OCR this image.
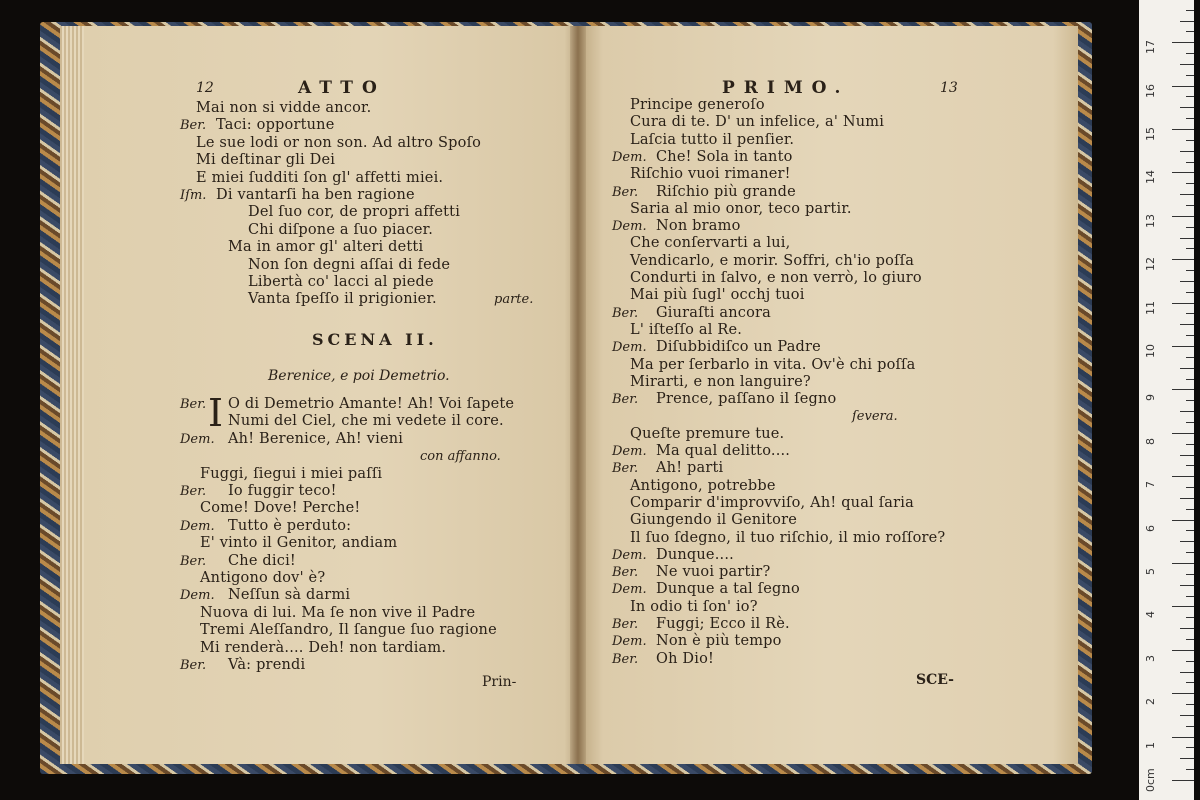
12	ATTO	PRIMO.	13
Mai non si vidde ancor.
Ber. Taci: opportune
Le sue lodi or non son. Ad altro Spoſo
Mi deſtinar gli Dei
E miei ſudditi ſon gl' affetti miei.
Iſm. Di vantarſi ha ben ragione
Del ſuo cor, de propri affetti
Chi diſpone a ſuo piacer.
Ma in amor gl' alteri detti
Non ſon degni aſſai di fede
Libertà co' lacci al piede
Vanta ſpeſſo il prigionier.	parte.
SCENA II.
Berenice, e poi Demetrio.
Ber. I O di Demetrio Amante! Ah! Voi ſapete
Numi del Ciel, che mi vedete il core.
Dem. Ah! Berenice, Ah! vieni
con affanno.
Fuggi, ſiegui i miei paſſi
Ber. Io fuggir teco!
Come! Dove! Perche!
Dem. Tutto è perduto:
E' vinto il Genitor, andiam
Ber. Che dici!
Antigono dov' è?
Dem. Neſſun sà darmi
Nuova di lui. Ma ſe non vive il Padre
Tremi Aleſſandro, Il ſangue ſuo ragione
Mi renderà.... Deh! non tardiam.
Ber. Và: prendi
Prin-
Principe generoſo
Cura di te. D' un infelice, a' Numi
Laſcia tutto il penſier.
Dem. Che! Sola in tanto
Riſchio vuoi rimaner!
Ber. Riſchio più grande
Saria al mio onor, teco partir.
Dem. Non bramo
Che conſervarti a lui,
Vendicarlo, e morir. Soffri, ch'io poſſa
Condurti in ſalvo, e non verrò, lo giuro
Mai più ſugl' occhj tuoi
Ber. Giuraſti ancora
L' iſteſſo al Re.
Dem. Diſubbidiſco un Padre
Ma per ſerbarlo in vita. Ov'è chi poſſa
Mirarti, e non languire?
Ber. Prence, paſſano il ſegno
ſevera.
Queſte premure tue.
Dem. Ma qual delitto....
Ber. Ah! parti
Antigono, potrebbe
Comparir d'improvviſo, Ah! qual ſaria
Giungendo il Genitore
Il ſuo ſdegno, il tuo riſchio, il mio roſſore?
Dem. Dunque....
Ber. Ne vuoi partir?
Dem. Dunque a tal ſegno
In odio ti ſon' io?
Ber. Fuggi; Ecco il Rè.
Dem. Non è più tempo
Ber. Oh Dio!
SCE-
0cm
1
2
3
4
5
6
7
8
9
10
11
12
13
14
15
16
17
